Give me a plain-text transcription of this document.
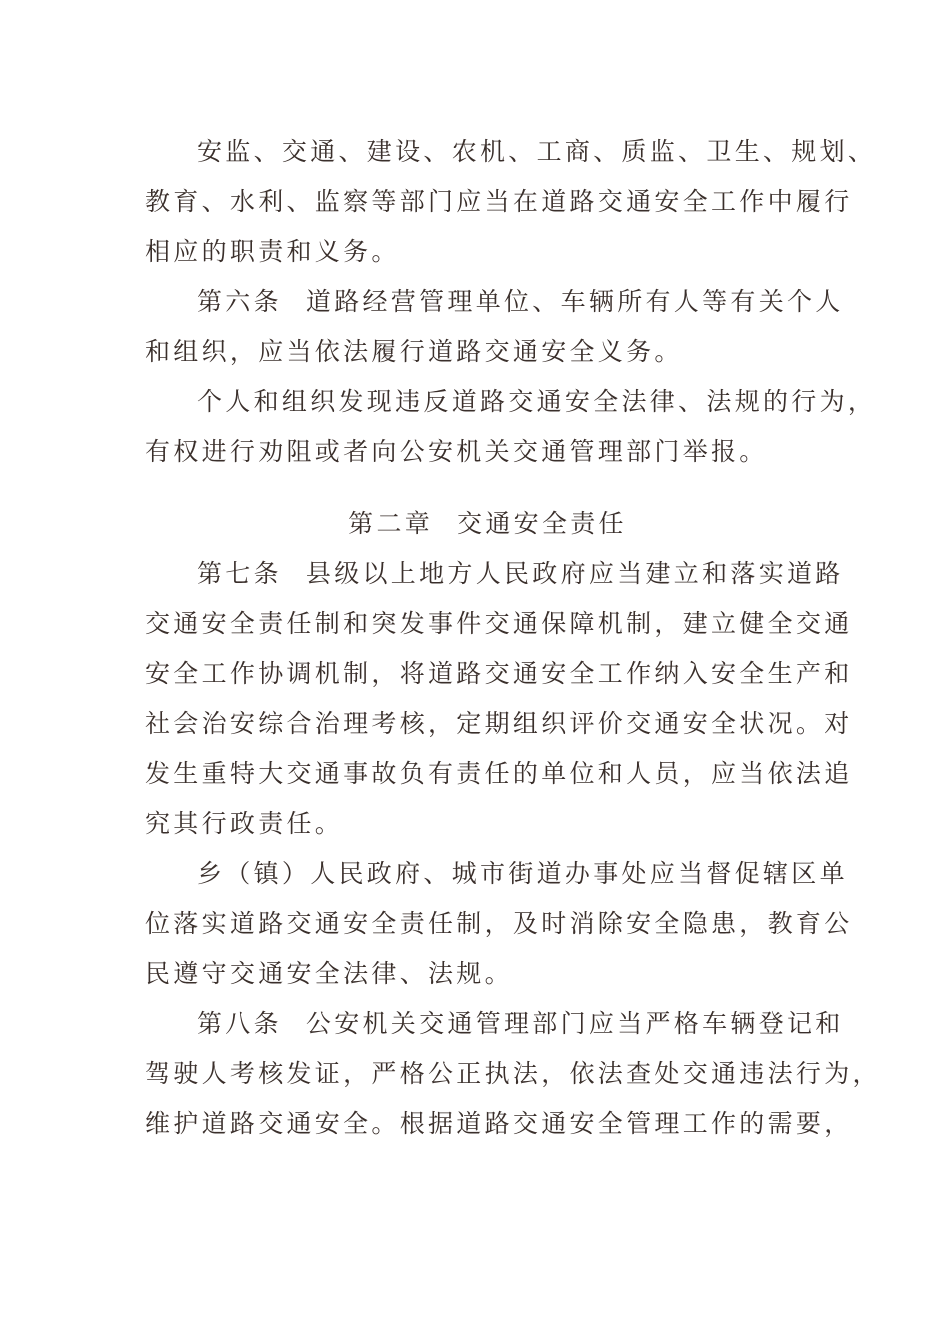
安监、交通、建设、农机、工商、质监、卫生、规划、
教育、水利、监察等部门应当在道路交通安全工作中履行
相应的职责和义务。
第六条 道路经营管理单位、车辆所有人等有关个人
和组织，应当依法履行道路交通安全义务。
个人和组织发现违反道路交通安全法律、法规的行为，
有权进行劝阻或者向公安机关交通管理部门举报。
第二章 交通安全责任
第七条 县级以上地方人民政府应当建立和落实道路
交通安全责任制和突发事件交通保障机制，建立健全交通
安全工作协调机制，将道路交通安全工作纳入安全生产和
社会治安综合治理考核，定期组织评价交通安全状况。对
发生重特大交通事故负有责任的单位和人员，应当依法追
究其行政责任。
乡（镇）人民政府、城市街道办事处应当督促辖区单
位落实道路交通安全责任制，及时消除安全隐患，教育公
民遵守交通安全法律、法规。
第八条 公安机关交通管理部门应当严格车辆登记和
驾驶人考核发证，严格公正执法，依法查处交通违法行为，
维护道路交通安全。根据道路交通安全管理工作的需要，
